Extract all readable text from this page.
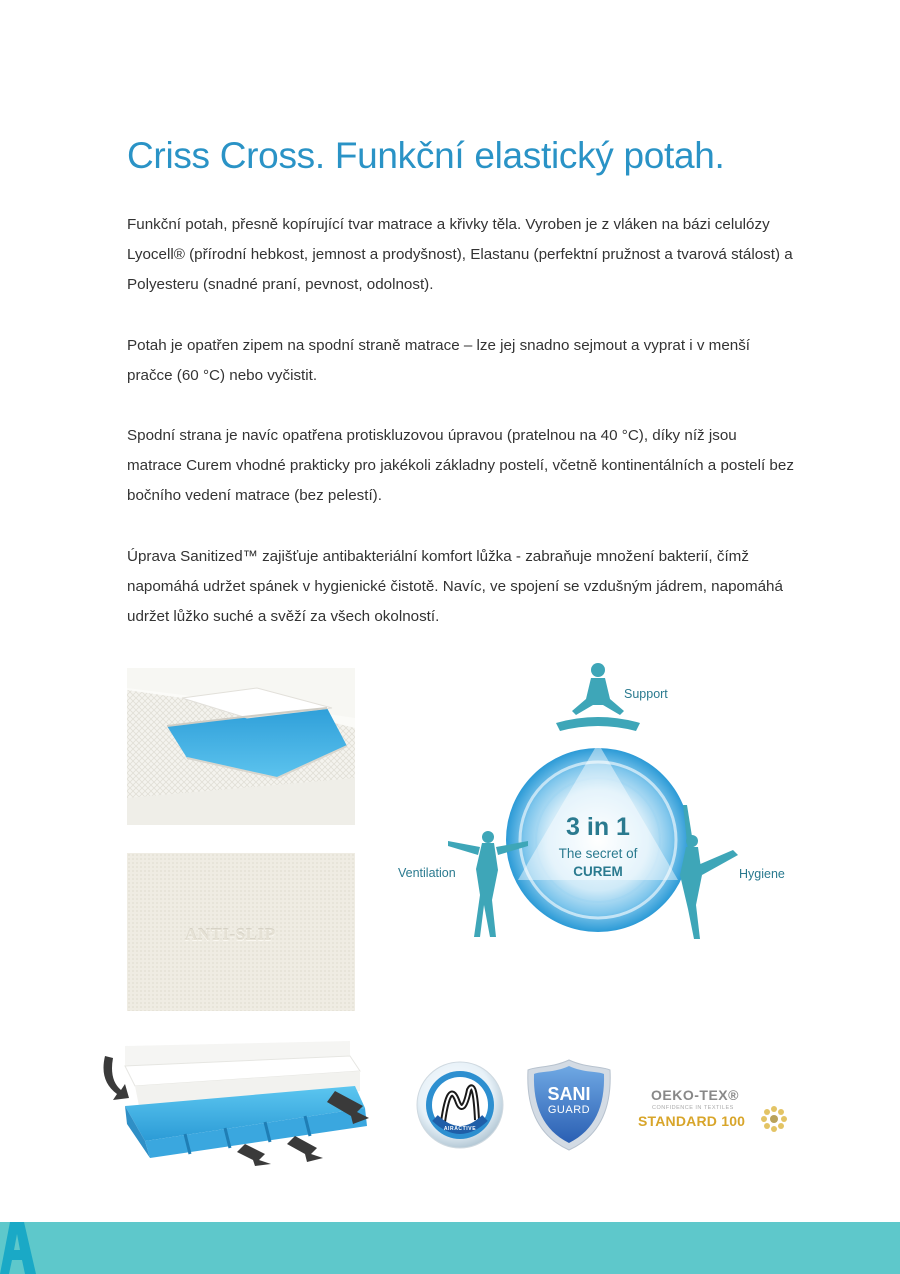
Criss Cross. Funkční elastický potah.

Funkční potah, přesně kopírující tvar matrace a křivky těla. Vyroben je z vláken na bázi celulózy Lyocell® (přírodní hebkost, jemnost a prodyšnost), Elastanu (perfektní pružnost a tvarová stálost) a Polyesteru (snadné praní, pevnost, odolnost).

Potah je opatřen zipem na spodní straně matrace – lze jej snadno sejmout a vyprat i v menší pračce (60 °C) nebo vyčistit.

Spodní strana je navíc opatřena protiskluzovou úpravou (pratelnou na 40 °C), díky níž jsou matrace Curem vhodné prakticky pro jakékoli základny postelí, včetně kontinentálních a postelí bez bočního vedení matrace (bez pelestí).

Úprava Sanitized™ zajišťuje antibakteriální komfort lůžka - zabraňuje množení bakterií, čímž napomáhá udržet spánek v hygienické čistotě. Navíc, ve spojení se vzdušným jádrem, napomáhá udržet lůžko suché a svěží za všech okolností.

ANTI-SLIP
Support
Ventilation	Hygiene
3 in 1
The secret of
CUREM
AIRACTIVE
SANI
GUARD
OEKO-TEX®
CONFIDENCE IN TEXTILES
STANDARD 100
